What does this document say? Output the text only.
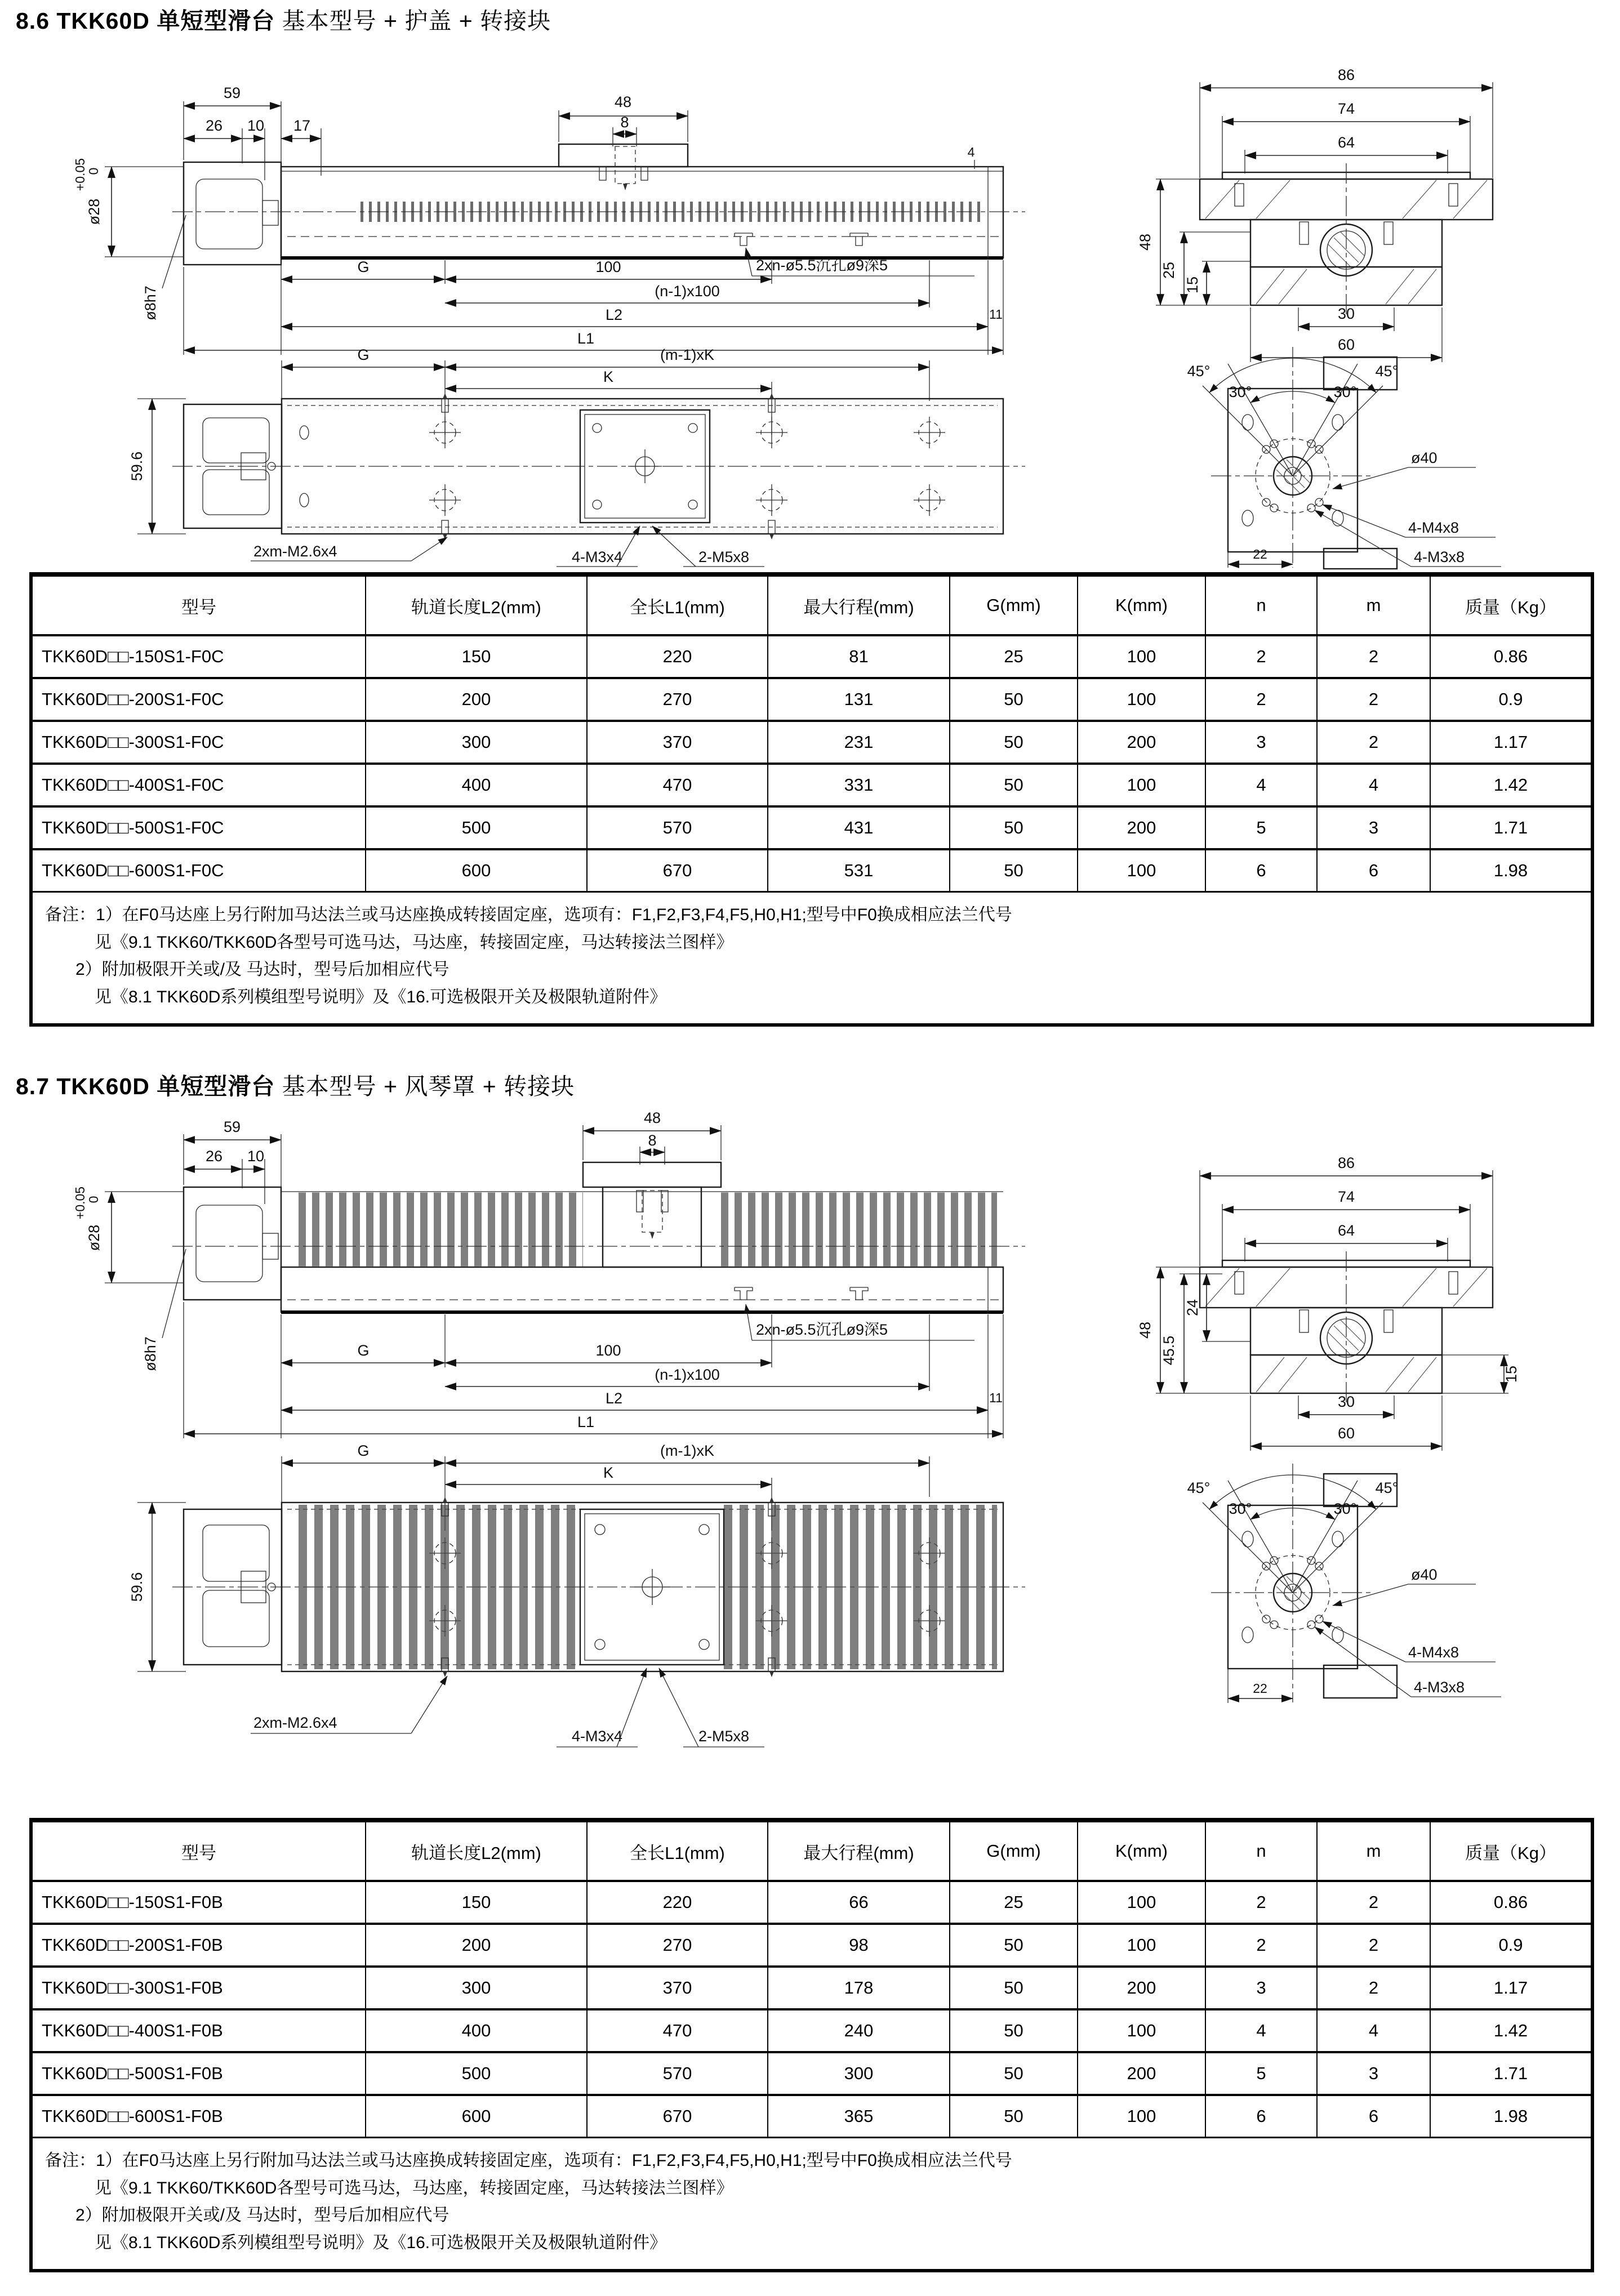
8.6 TKK60D 单短型滑台 基本型号 + 护盖 + 转接块
59
26 10 17
48
8
4
ø28
+0.05
0
ø8h7
2xn-ø5.5沉孔ø9深5
G	100
(n-1)x100
L2
L1
11
G	(m-1)xK
K
59.6
2xm-M2.6x4	4-M3x4	2-M5x8
86
74
64
48
25
15
30
60
45°
30°	30°
45°
ø40
4-M4x8
4-M3x8
22
型号	轨道长度L2(mm)	全长L1(mm)	最大行程(mm)	G(mm)	K(mm)	n	m	质量（Kg）
TKK60D□□-150S1-F0C	150	220	81	25	100	2	2	0.86
TKK60D□□-200S1-F0C	200	270	131	50	100	2	2	0.9
TKK60D□□-300S1-F0C	300	370	231	50	200	3	2	1.17
TKK60D□□-400S1-F0C	400	470	331	50	100	4	4	1.42
TKK60D□□-500S1-F0C	500	570	431	50	200	5	3	1.71
TKK60D□□-600S1-F0C	600	670	531	50	100	6	6	1.98

备注：1）在F0马达座上另行附加马达法兰或马达座换成转接固定座，选项有：F1,F2,F3,F4,F5,H0,H1;型号中F0换成相应法兰代号
见《9.1 TKK60/TKK60D各型号可选马达，马达座，转接固定座，马达转接法兰图样》
2）附加极限开关或/及 马达时，型号后加相应代号
见《8.1 TKK60D系列模组型号说明》及《16.可选极限开关及极限轨道附件》								
8.7 TKK60D 单短型滑台 基本型号 + 风琴罩 + 转接块
48
8
59
26 10
ø28
+0.05
0
ø8h7
2xn-ø5.5沉孔ø9深5
G	100
(n-1)x100
L2
L1
11
G	(m-1)xK
K
59.6
2xm-M2.6x4
4-M3x4	2-M5x8
86
74
64
48
45.5
24
15
30
60
45°
30°	30°
45°
ø40
4-M4x8
4-M3x8
22
型号	轨道长度L2(mm)	全长L1(mm)	最大行程(mm)	G(mm)	K(mm)	n	m	质量（Kg）
TKK60D□□-150S1-F0B	150	220	66	25	100	2	2	0.86
TKK60D□□-200S1-F0B	200	270	98	50	100	2	2	0.9
TKK60D□□-300S1-F0B	300	370	178	50	200	3	2	1.17
TKK60D□□-400S1-F0B	400	470	240	50	100	4	4	1.42
TKK60D□□-500S1-F0B	500	570	300	50	200	5	3	1.71
TKK60D□□-600S1-F0B	600	670	365	50	100	6	6	1.98

备注：1）在F0马达座上另行附加马达法兰或马达座换成转接固定座，选项有：F1,F2,F3,F4,F5,H0,H1;型号中F0换成相应法兰代号
见《9.1 TKK60/TKK60D各型号可选马达，马达座，转接固定座，马达转接法兰图样》
2）附加极限开关或/及 马达时，型号后加相应代号
见《8.1 TKK60D系列模组型号说明》及《16.可选极限开关及极限轨道附件》								
